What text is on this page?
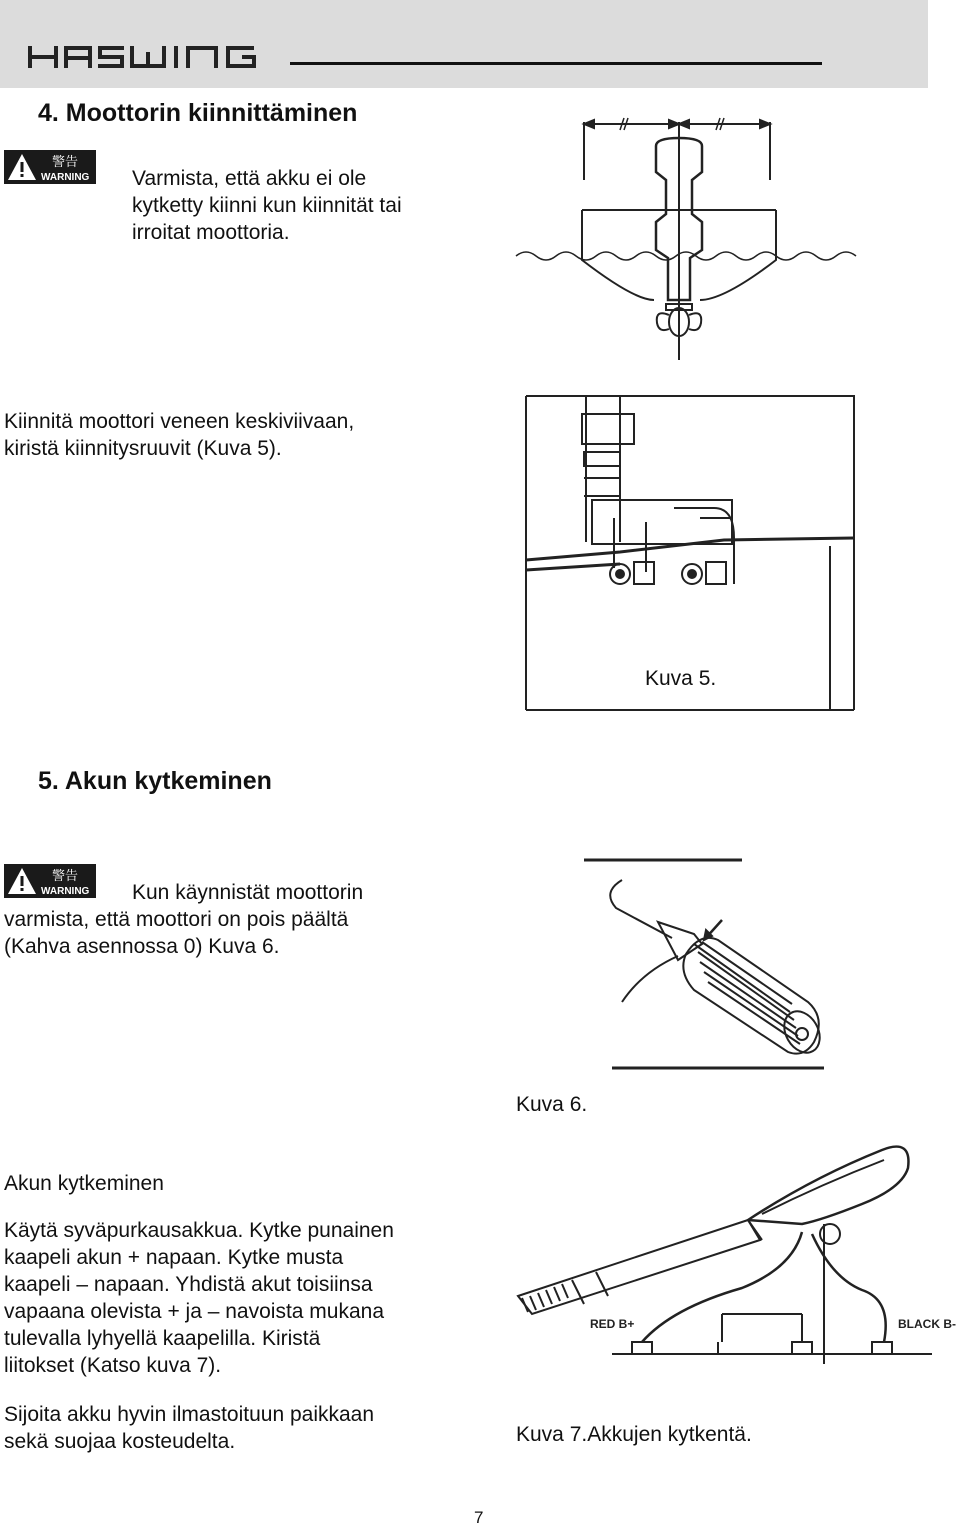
4. Moottorin kiinnittäminen
警告
WARNING Varmista, että akku ei ole
kytketty kiinni kun kiinnität tai
irroitat moottoria.
Kiinnitä moottori veneen keskiviivaan,
kiristä kiinnitysruuvit (Kuva 5).
Kuva 5.
5. Akun kytkeminen
警告
WARNING Kun käynnistät moottorin
varmista, että moottori on pois päältä
(Kahva asennossa 0) Kuva 6.
Kuva 6.
Akun kytkeminen
Käytä syväpurkausakkua. Kytke punainen
kaapeli akun + napaan. Kytke musta
kaapeli – napaan. Yhdistä akut toisiinsa
vapaana olevista + ja – navoista mukana
tulevalla lyhyellä kaapelilla. Kiristä
liitokset (Katso kuva 7).
Sijoita akku hyvin ilmastoituun paikkaan
sekä suojaa kosteudelta.
RED B+	BLACK B-
Kuva 7.Akkujen kytkentä.
7
